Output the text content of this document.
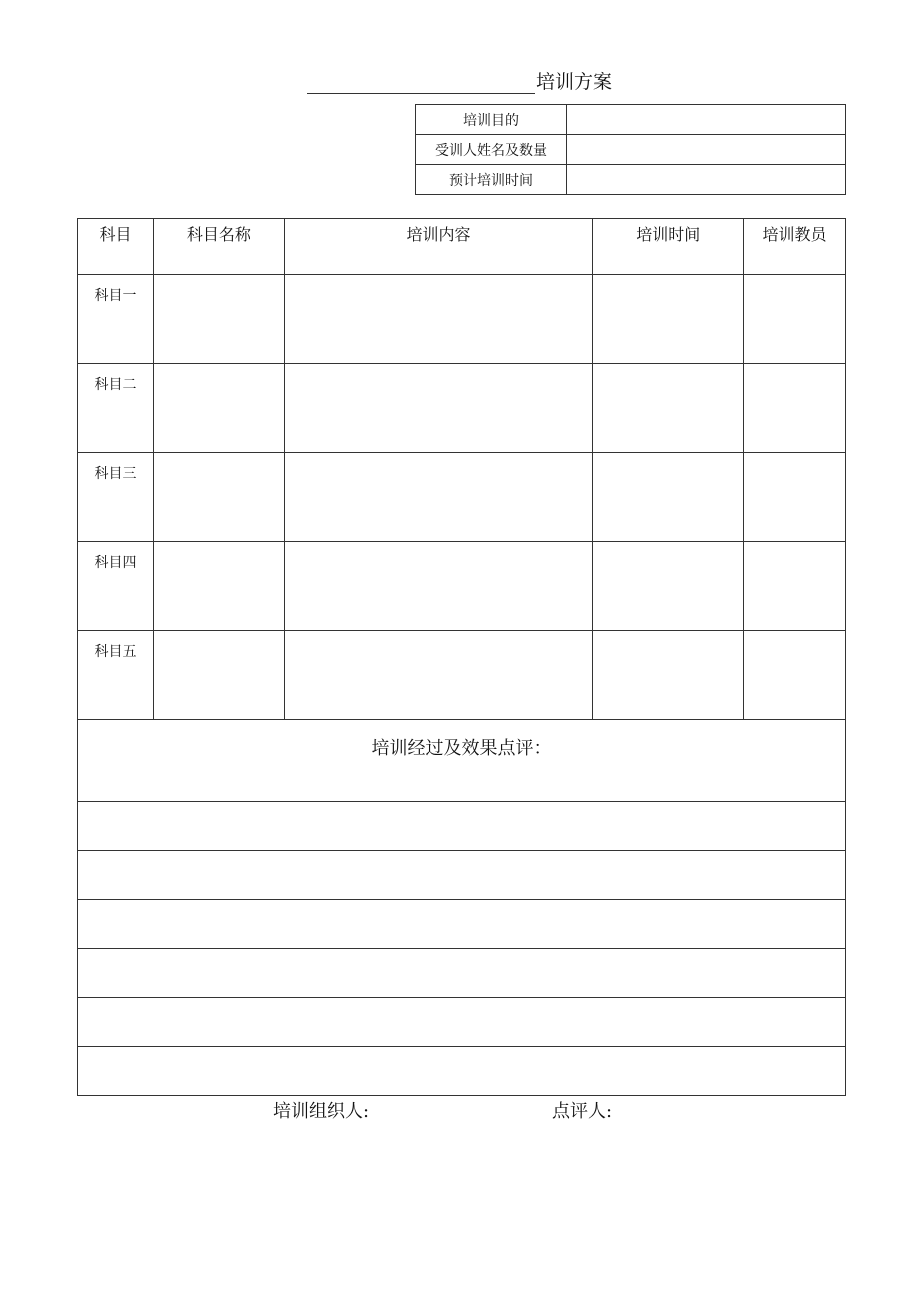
培训方案
培训目的	
受训人姓名及数量	
预计培训时间	
科目	科目名称	培训内容	培训时间	培训教员
科目一				
科目二				
科目三				
科目四				
科目五				
培训经过及效果点评：				

培训组织人:	点评人:
